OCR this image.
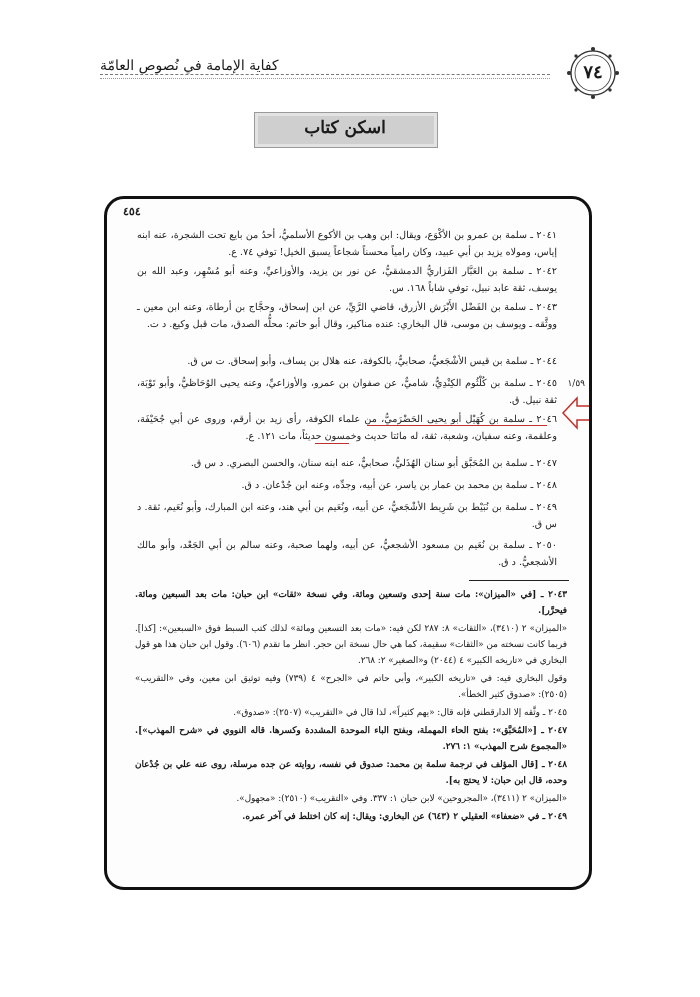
كفاية الإمامة في نُصوص العامّة	٧٤
اسكن كتاب
٤٥٤
٢٠٤١ ـ سلمة بن عمرو بن الأكْوَع، ويقال: ابن وهب بن الأكوع الأسلميُّ، أحدُ من بايع تحت الشجرة، عنه ابنه إياس، ومولاه يزيد بن أبي عبيد، وكان رامياً محسناً شجاعاً يسبق الخيل! توفي ٧٤. ع.
٢٠٤٢ ـ سلمة بن العَبَّار الفَزاريُّ الدمشقيُّ، عن نور بن يزيد، والأوزاعيِّ، وعنه أبو مُسْهِر، وعبد الله بن يوسف، ثقة عابد نبيل، توفي شاباً ١٦٨. س.
٢٠٤٣ ـ سلمة بن الفَضْل الأَبْرَش الأزرق، قاضي الرَّيِّ، عن ابن إسحاق، وحجَّاج بن أرطاة، وعنه ابن معين ـ ووثَّقه ـ ويوسف بن موسى، قال البخاري: عنده مناكير، وقال أبو حاتم: محلُّه الصدق، مات قبل وكيع. د ت.
٢٠٤٤ ـ سلمة بن قيس الأشْجَعيُّ، صحابيٌّ، بالكوفة، عنه هلال بن يساف، وأبو إسحاق. ت س ق.
٢٠٤٥ ـ سلمة بن كُلْثُوم الكِنْدِيُّ، شاميٌّ، عن صفوان بن عمرو، والأوزاعيِّ، وعنه يحيى الوُحَاظيُّ، وأبو تَوْبَة، ثقة نبيل. ق.
١/٥٩
٢٠٤٦ ـ سلمة بن كُهَيْل أبو يحيى الحَضْرَميُّ، من علماء الكوفة، رأى زيد بن أرقم، وروى عن أبي جُحَيْفَة، وعلقمة، وعنه سفيان، وشعبة، ثقة، له مائتا حديث وخمسون حديثاً، مات ١٢١. ع.
٢٠٤٧ ـ سلمة بن المُحَبَّق أبو سنان الهُذَليُّ، صحابيٌّ، عنه ابنه سنان، والحسن البصري. د س ق.
٢٠٤٨ ـ سلمة بن محمد بن عمار بن ياسر، عن أبيه، وجدِّه، وعنه ابن جُدْعان. د ق.
٢٠٤٩ ـ سلمة بن نُبَيْط بن شَرِيط الأشْجَعيُّ، عن أبيه، ونُعَيم بن أبي هند، وعنه ابن المبارك، وأبو نُعَيم، ثقة. د س ق.
٢٠٥٠ ـ سلمة بن نُعَيم بن مسعود الأشجعيُّ، عن أبيه، ولهما صحبة، وعنه سالم بن أبي الجَعْد، وأبو مالك الأشجعيُّ. د ق.
٢٠٤٣ ـ [في «الميزان»: مات سنة إحدى وتسعين ومائة. وفي نسخة «ثقات» ابن حبان: مات بعد السبعين ومائة. فيحرَّر].
«الميزان» ٢ (٣٤١٠)، «الثقات» ٨: ٢٨٧ لكن فيه: «مات بعد التسعين ومائة» لذلك كتب السبط فوق «السبعين»: [كذا]. فربما كانت نسخته من «الثقات» سقيمة، كما هي حال نسخة ابن حجر. انظر ما تقدم (٦٠٦). وقول ابن حبان هذا هو قول البخاري في «تاريخه الكبير» ٤ (٢٠٤٤) و«الصغير» ٢: ٢٦٨.
وقول البخاري فيه: في «تاريخه الكبير»، وأبي حاتم في «الجرح» ٤ (٧٣٩) وفيه توثيق ابن معين، وفي «التقريب» (٢٥٠٥): «صدوق كثير الخطأ».
٢٠٤٥ ـ وثَّقه إلا الدارقطني فإنه قال: «يهم كثيراً»، لذا قال في «التقريب» (٢٥٠٧): «صدوق».
٢٠٤٧ ـ [«المُحَبَّق»: بفتح الحاء المهملة، وبفتح الباء الموحدة المشددة وكسرها. قاله النووي في «شرح المهذب»]. «المجموع شرح المهذب» ١: ٢٧٦.
٢٠٤٨ ـ [قال المؤلف في ترجمة سلمة بن محمد: صدوق في نفسه، روايته عن جده مرسلة، روى عنه علي بن جُدْعان وحده، قال ابن حبان: لا يحتج به].
«الميزان» ٢ (٣٤١١)، «المجروحين» لابن حبان ١: ٣٣٧. وفي «التقريب» (٢٥١٠): «مجهول».
٢٠٤٩ ـ في «ضعفاء» العقيلي ٢ (٦٤٣) عن البخاري: ويقال: إنه كان اختلط في آخر عمره.
